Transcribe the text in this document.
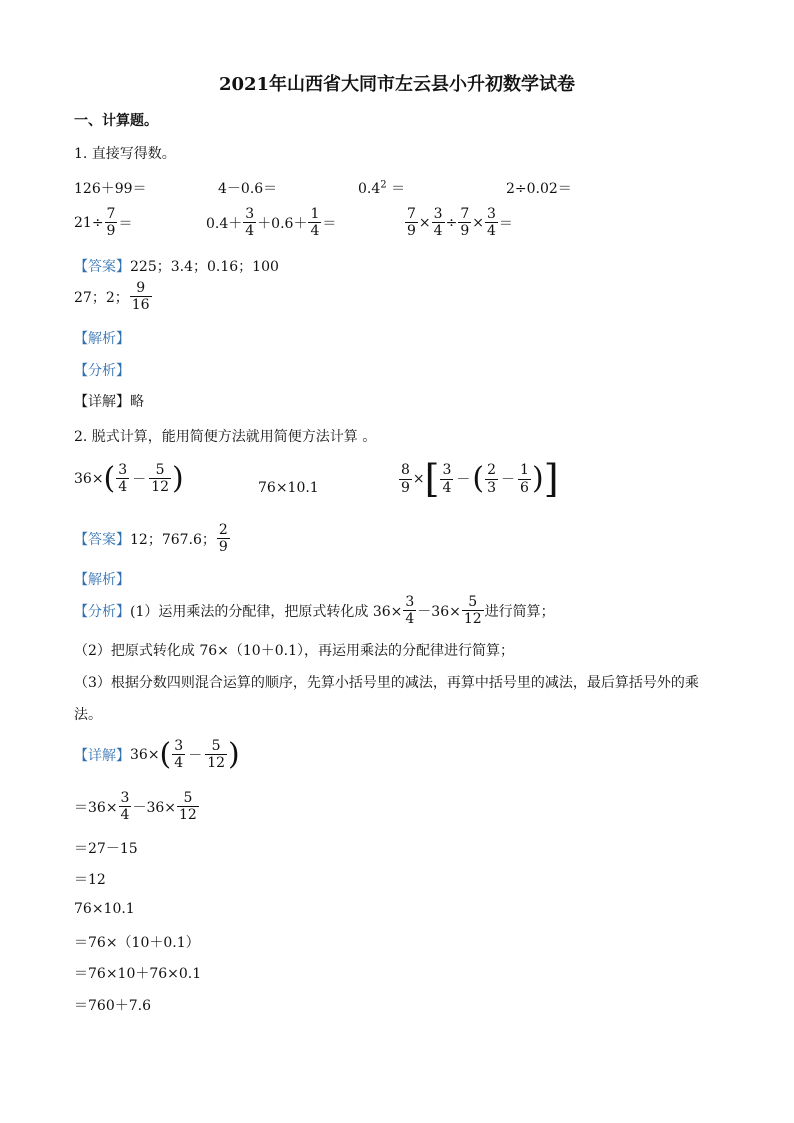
2021年山西省大同市左云县小升初数学试卷
一、计算题。
1. 直接写得数。
126＋99＝	4－0.6＝	$0.4^2$ ＝	2÷0.02＝
$21\div \frac{7}{9}$ ＝	$0.4+ \frac{3}{4} +0.6+ \frac{1}{4}$ ＝	$\frac{7}{9} \times \frac{3}{4} \div \frac{7}{9} \times \frac{3}{4}$ ＝
【答案】225；3.4；0.16；100
27；2； $\frac{9}{16}$
【解析】
【分析】
【详解】略
2. 脱式计算，能用简便方法就用简便方法计算 。
36× ( $\frac{3}{4} - \frac{5}{12}$ )	76×10.1	$\frac{8}{9}$ × [ $\frac{3}{4}$ － ( $\frac{2}{3} - \frac{1}{6}$ ) ]
【答案】 12；767.6； $\frac{2}{9}$
【解析】
【分析】 (1）运用乘法的分配律，把原式转化成 $36\times \frac{3}{4} -36\times \frac{5}{12}$ 进行简算；
（2）把原式转化成 76×（10＋0.1），再运用乘法的分配律进行简算；
（3）根据分数四则混合运算的顺序，先算小括号里的减法，再算中括号里的减法，最后算括号外的乘
法。
【详解】 36× ( $\frac{3}{4} - \frac{5}{12}$ )
$=36\times \frac{3}{4} -36\times \frac{5}{12}$
＝27－15
＝12
76×10.1
＝76×（10＋0.1）
＝76×10＋76×0.1
＝760＋7.6
